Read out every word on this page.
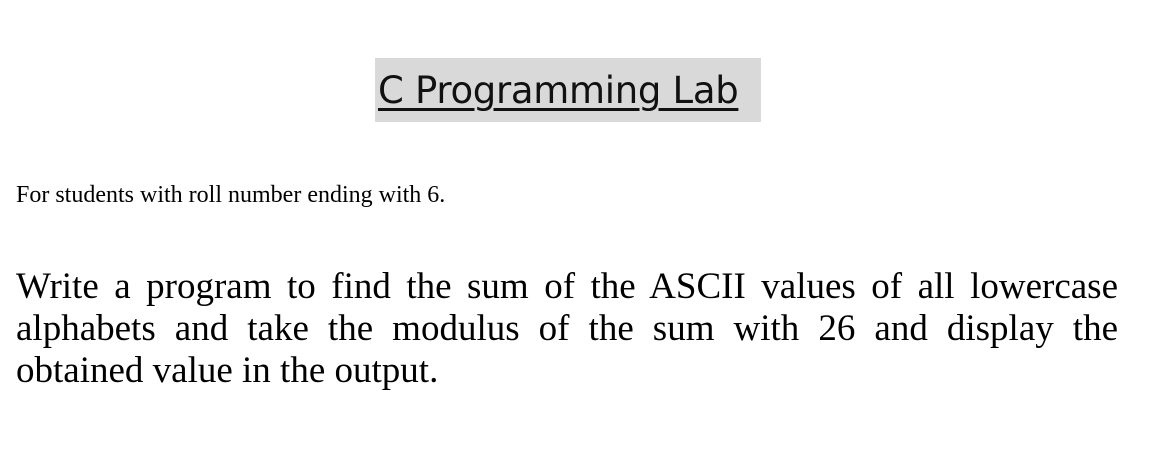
C Programming Lab
For students with roll number ending with 6.
Write a program to find the sum of the ASCII values of all lowercase alphabets and take the modulus of the sum with 26 and display the obtained value in the output.
